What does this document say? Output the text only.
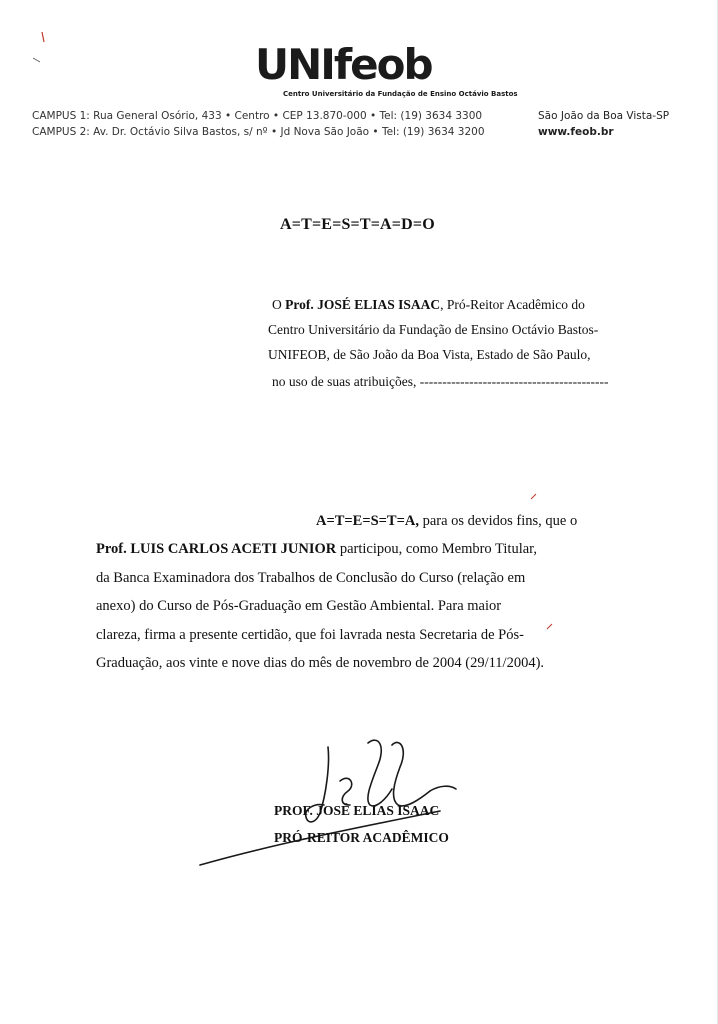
UNIfeob
Centro Universitário da Fundação de Ensino Octávio Bastos
CAMPUS 1: Rua General Osório, 433 • Centro • CEP 13.870-000 • Tel: (19) 3634 3300
CAMPUS 2: Av. Dr. Octávio Silva Bastos, s/ nº • Jd Nova São João • Tel: (19) 3634 3200
São João da Boa Vista-SP
www.feob.br
A=T=E=S=T=A=D=O
O Prof. JOSÉ ELIAS ISAAC, Pró-Reitor Acadêmico do
Centro Universitário da Fundação de Ensino Octávio Bastos-
UNIFEOB, de São João da Boa Vista, Estado de São Paulo,
no uso de suas atribuições, ------------------------------------------
A=T=E=S=T=A, para os devidos fins, que o
Prof. LUIS CARLOS ACETI JUNIOR participou, como Membro Titular,
da Banca Examinadora dos Trabalhos de Conclusão do Curso (relação em
anexo) do Curso de Pós-Graduação em Gestão Ambiental. Para maior
clareza, firma a presente certidão, que foi lavrada nesta Secretaria de Pós-
Graduação, aos vinte e nove dias do mês de novembro de 2004 (29/11/2004).
PROF. JOSÉ ELIAS ISAAC
PRÓ-REITOR ACADÊMICO
